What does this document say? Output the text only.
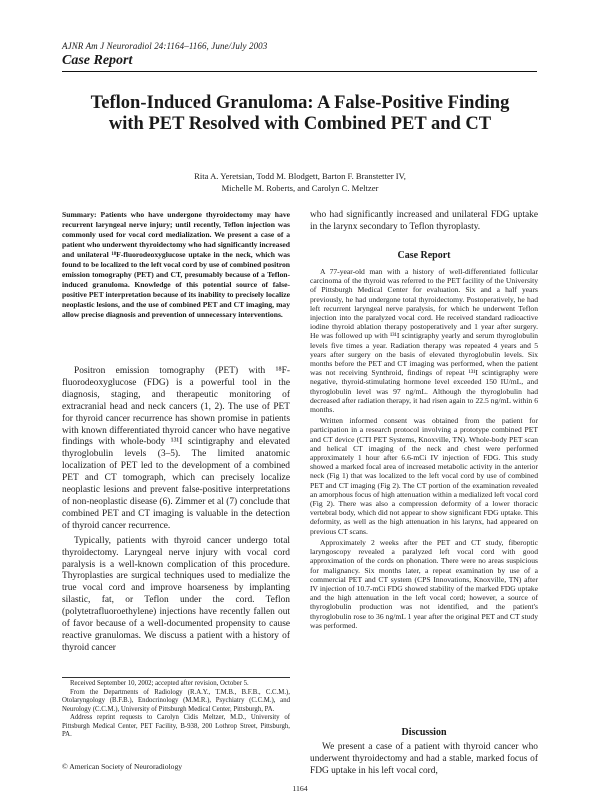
AJNR Am J Neuroradiol 24:1164–1166, June/July 2003
Case Report
Teflon-Induced Granuloma: A False-Positive Finding with PET Resolved with Combined PET and CT
Rita A. Yeretsian, Todd M. Blodgett, Barton F. Branstetter IV,
Michelle M. Roberts, and Carolyn C. Meltzer
Summary: Patients who have undergone thyroidectomy may have recurrent laryngeal nerve injury; until recently, Teflon injection was commonly used for vocal cord medialization. We present a case of a patient who underwent thyroidectomy who had significantly increased and unilateral ¹⁸F-fluorodeoxyglucose uptake in the neck, which was found to be localized to the left vocal cord by use of combined positron emission tomography (PET) and CT, presumably because of a Teflon-induced granuloma. Knowledge of this potential source of false-positive PET interpretation because of its inability to precisely localize neoplastic lesions, and the use of combined PET and CT imaging, may allow precise diagnosis and prevention of unnecessary interventions.

Positron emission tomography (PET) with ¹⁸F-fluorodeoxyglucose (FDG) is a powerful tool in the diagnosis, staging, and therapeutic monitoring of extracranial head and neck cancers (1, 2). The use of PET for thyroid cancer recurrence has shown promise in patients with known differentiated thyroid cancer who have negative findings with whole-body ¹³¹I scintigraphy and elevated thyroglobulin levels (3–5). The limited anatomic localization of PET led to the development of a combined PET and CT tomograph, which can precisely localize neoplastic lesions and prevent false-positive interpretations of non-neoplastic disease (6). Zimmer et al (7) conclude that combined PET and CT imaging is valuable in the detection of thyroid cancer recurrence.

Typically, patients with thyroid cancer undergo total thyroidectomy. Laryngeal nerve injury with vocal cord paralysis is a well-known complication of this procedure. Thyroplasties are surgical techniques used to medialize the true vocal cord and improve hoarseness by implanting silastic, fat, or Teflon under the cord. Teflon (polytetrafluoroethylene) injections have recently fallen out of favor because of a well-documented propensity to cause reactive granulomas. We discuss a patient with a history of thyroid cancer

Received September 10, 2002; accepted after revision, October 5.

From the Departments of Radiology (R.A.Y., T.M.B., B.F.B., C.C.M.), Otolaryngology (B.F.B.), Endocrinology (M.M.R.), Psychiatry (C.C.M.), and Neurology (C.C.M.), University of Pittsburgh Medical Center, Pittsburgh, PA.

Address reprint requests to Carolyn Cidis Meltzer, M.D., University of Pittsburgh Medical Center, PET Facility, B-938, 200 Lothrop Street, Pittsburgh, PA.

© American Society of Neuroradiology
who had significantly increased and unilateral FDG uptake in the larynx secondary to Teflon thyroplasty.
Case Report

A 77-year-old man with a history of well-differentiated follicular carcinoma of the thyroid was referred to the PET facility of the University of Pittsburgh Medical Center for evaluation. Six and a half years previously, he had undergone total thyroidectomy. Postoperatively, he had left recurrent laryngeal nerve paralysis, for which he underwent Teflon injection into the paralyzed vocal cord. He received standard radioactive iodine thyroid ablation therapy postoperatively and 1 year after surgery. He was followed up with ¹³¹I scintigraphy yearly and serum thyroglobulin levels five times a year. Radiation therapy was repeated 4 years and 5 years after surgery on the basis of elevated thyroglobulin levels. Six months before the PET and CT imaging was performed, when the patient was not receiving Synthroid, findings of repeat ¹³¹I scintigraphy were negative, thyroid-stimulating hormone level exceeded 150 IU/mL, and thyroglobulin level was 97 ng/mL. Although the thyroglobulin had decreased after radiation therapy, it had risen again to 22.5 ng/mL within 6 months.

Written informed consent was obtained from the patient for participation in a research protocol involving a prototype combined PET and CT device (CTI PET Systems, Knoxville, TN). Whole-body PET scan and helical CT imaging of the neck and chest were performed approximately 1 hour after 6.6-mCi IV injection of FDG. This study showed a marked focal area of increased metabolic activity in the anterior neck (Fig 1) that was localized to the left vocal cord by use of combined PET and CT imaging (Fig 2). The CT portion of the examination revealed an amorphous focus of high attenuation within a medialized left vocal cord (Fig 2). There was also a compression deformity of a lower thoracic vertebral body, which did not appear to show significant FDG uptake. This deformity, as well as the high attenuation in his larynx, had appeared on previous CT scans.

Approximately 2 weeks after the PET and CT study, fiberoptic laryngoscopy revealed a paralyzed left vocal cord with good approximation of the cords on phonation. There were no areas suspicious for malignancy. Six months later, a repeat examination by use of a commercial PET and CT system (CPS Innovations, Knoxville, TN) after IV injection of 10.7-mCi FDG showed stability of the marked FDG uptake and the high attenuation in the left vocal cord; however, a source of thyroglobulin production was not identified, and the patient's thyroglobulin rose to 36 ng/mL 1 year after the original PET and CT study was performed.

Discussion
We present a case of a patient with thyroid cancer who underwent thyroidectomy and had a stable, marked focus of FDG uptake in his left vocal cord,
1164
